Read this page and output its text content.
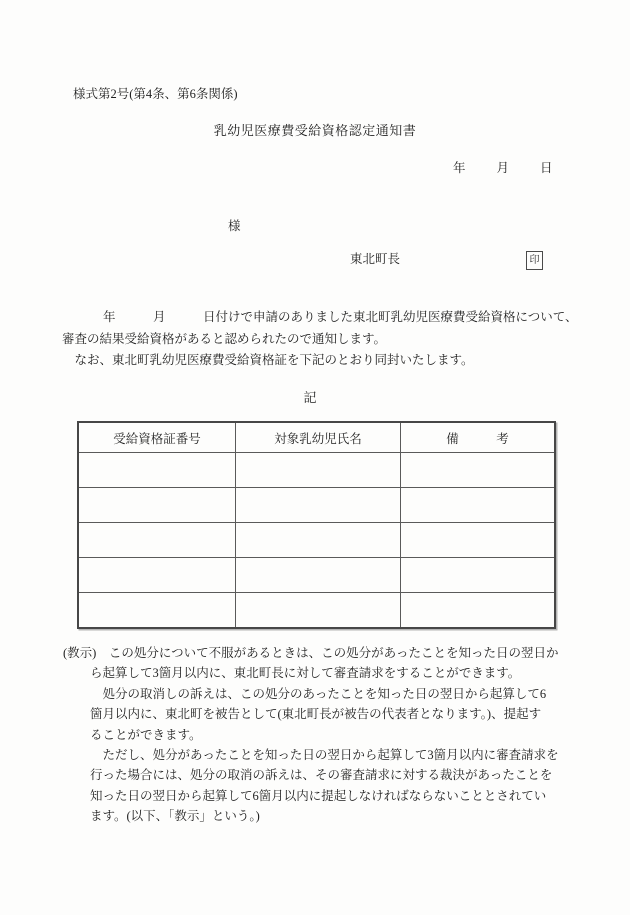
様式第2号(第4条、第6条関係)
乳幼児医療費受給資格認定通知書
年　　月　　日
様
東北町長	印
年　　　月　　　日付けで申請のありました東北町乳幼児医療費受給資格について、
審査の結果受給資格があると認められたので通知します。
　なお、東北町乳幼児医療費受給資格証を下記のとおり同封いたします。
記
受給資格証番号	対象乳幼児氏名	備　　　考

(教示)　この処分について不服があるときは、この処分があったことを知った日の翌日か
ら起算して3箇月以内に、東北町長に対して審査請求をすることができます。
　処分の取消しの訴えは、この処分のあったことを知った日の翌日から起算して6
箇月以内に、東北町を被告として(東北町長が被告の代表者となります。)、提起す
ることができます。
　ただし、処分があったことを知った日の翌日から起算して3箇月以内に審査請求を
行った場合には、処分の取消の訴えは、その審査請求に対する裁決があったことを
知った日の翌日から起算して6箇月以内に提起しなければならないこととされてい
ます。(以下、「教示」という。)
